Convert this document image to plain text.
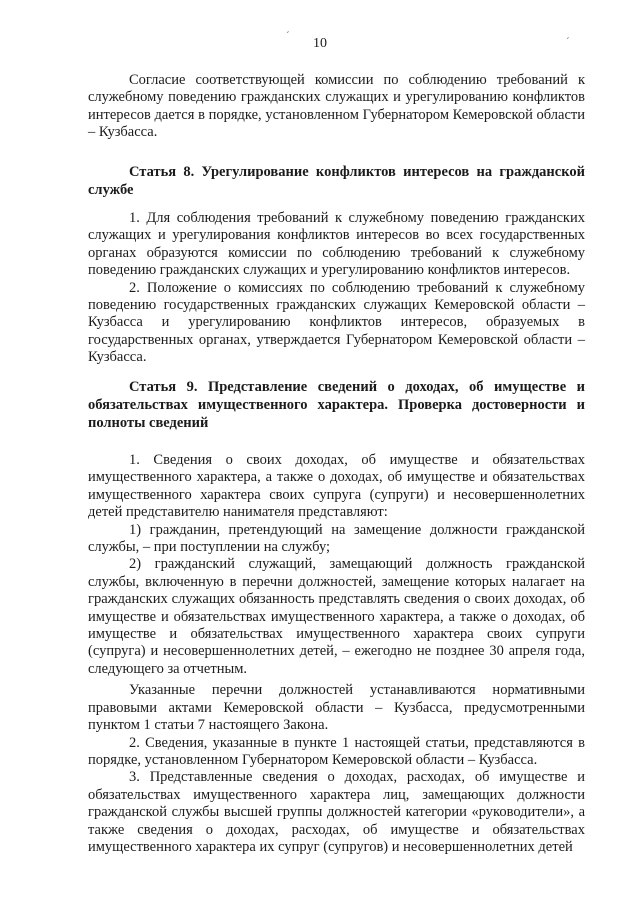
ˊ	ˊ
10

Согласие соответствующей комиссии по соблюдению требований к служебному поведению гражданских служащих и урегулированию конфликтов интересов дается в порядке, установленном Губернатором Кемеровской области – Кузбасса.

Статья 8. Урегулирование конфликтов интересов на гражданской службе

1. Для соблюдения требований к служебному поведению гражданских служащих и урегулирования конфликтов интересов во всех государственных органах образуются комиссии по соблюдению требований к служебному поведению гражданских служащих и урегулированию конфликтов интересов.

2. Положение о комиссиях по соблюдению требований к служебному поведению государственных гражданских служащих Кемеровской области – Кузбасса и урегулированию конфликтов интересов, образуемых в государственных органах, утверждается Губернатором Кемеровской области – Кузбасса.

Статья 9. Представление сведений о доходах, об имуществе и обязательствах имущественного характера. Проверка достоверности и полноты сведений

1. Сведения о своих доходах, об имуществе и обязательствах имущественного характера, а также о доходах, об имуществе и обязательствах имущественного характера своих супруга (супруги) и несовершеннолетних детей представителю нанимателя представляют:

1) гражданин, претендующий на замещение должности гражданской службы, – при поступлении на службу;

2) гражданский служащий, замещающий должность гражданской службы, включенную в перечни должностей, замещение которых налагает на гражданских служащих обязанность представлять сведения о своих доходах, об имуществе и обязательствах имущественного характера, а также о доходах, об имуществе и обязательствах имущественного характера своих супруги (супруга) и несовершеннолетних детей, – ежегодно не позднее 30 апреля года, следующего за отчетным.

Указанные перечни должностей устанавливаются нормативными правовыми актами Кемеровской области – Кузбасса, предусмотренными пунктом 1 статьи 7 настоящего Закона.

2. Сведения, указанные в пункте 1 настоящей статьи, представляются в порядке, установленном Губернатором Кемеровской области – Кузбасса.

3. Представленные сведения о доходах, расходах, об имуществе и обязательствах имущественного характера лиц, замещающих должности гражданской службы высшей группы должностей категории «руководители», а также сведения о доходах, расходах, об имуществе и обязательствах имущественного характера их супруг (супругов) и несовершеннолетних детей
